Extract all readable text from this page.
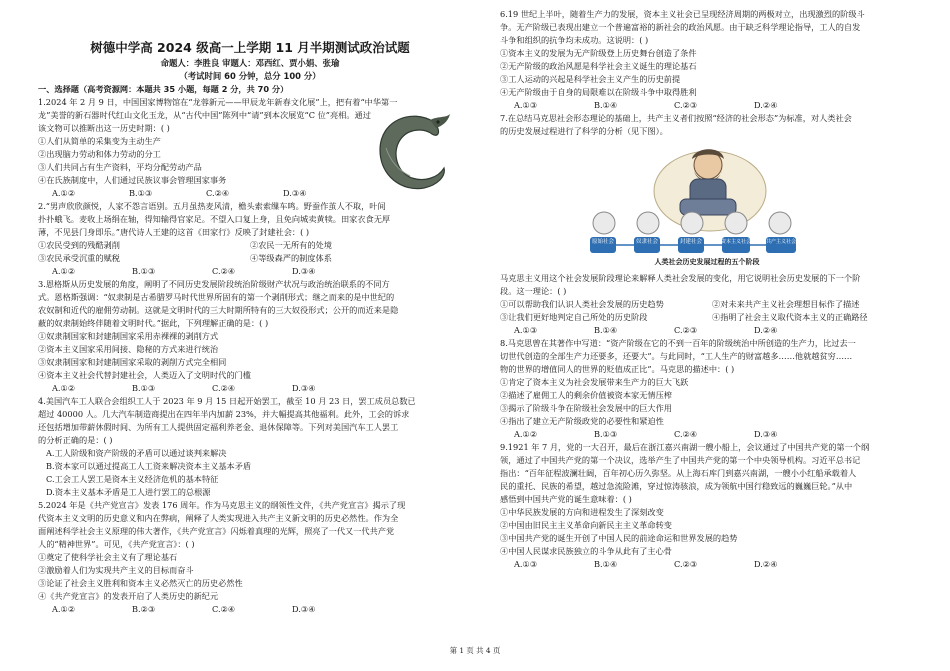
树德中学高 2024 级高一上学期 11 月半期测试政治试题

命题人：李胜良 审题人：邓西红、贾小娟、张瑜

（考试时间 60 分钟，总分 100 分）

一、选择题（高考资源网：本题共 35 小题，每题 2 分，共 70 分）

1.2024 年 2 月 9 日，中国国家博物馆在“龙蓉新元——甲辰龙年新春文化展”上，把有着“中华第一

龙”美誉的新石器时代红山文化玉龙，从“古代中国”陈列中“请”到本次展览“C 位”亮相。通过

该文物可以推断出这一历史时期：( )

①人们从简单的采集变为主动生产

②出现脑力劳动和体力劳动的分工

③人们共同占有生产资料，平均分配劳动产品

④在氏族制度中，人们通过民族议事会管理国家事务

A.①②	B.①③	C.②④	D.③④

2.“男声欣欣颜悦，人家不怨言语别。五月虽热麦风清，檐头索索缫车鸣。野蚕作茧人不取，叶间

扑扑蛾飞。麦收上场绢在轴，得知输得官家足。不望入口复上身，且免向城卖黄犊。田家衣食无厚

薄，不见县门身即乐。”唐代诗人王建的这首《田家行》反映了封建社会：( )

①农民受到的残酷剥削	②农民一无所有的处境
③农民承受沉重的赋税	④等级森严的制度体系
A.①②	B.①③	C.②④	D.③④

3.恩格斯从历史发展的角度，阐明了不同历史发展阶段统治阶级财产状况与政治统治联系的不同方

式。恩格斯强调：“奴隶制是古希腊罗马时代世界所固有的第一个剥削形式；继之而来的是中世纪的

农奴制和近代的雇佣劳动制。这就是文明时代的三大时期所特有的三大奴役形式；公开的而近来是隐

蔽的奴隶制始终伴随着文明时代。”据此，下列理解正确的是：( )

①奴隶制国家和封建制国家采用赤裸裸的剥削方式

②资本主义国家采用间接、隐秘的方式来进行统治

③奴隶制国家和封建制国家采取的剥削方式完全相同

④资本主义社会代替封建社会，人类迈入了文明时代的门槛

A.①②	B.①③	C.②④	D.③④

4.美国汽车工人联合会组织工人于 2023 年 9 月 15 日起开始罢工，截至 10 月 23 日，罢工成员总数已

超过 40000 人。几大汽车制造商提出在四年半内加薪 23%，并大幅提高其他福利。此外，工会的诉求

还包括增加带薪休假时间、为所有工人提供固定福利养老金、退休保障等。下列对美国汽车工人罢工

的分析正确的是：( )

A.工人阶级和资产阶级的矛盾可以通过谈判来解决

B.资本家可以通过提高工人工资来解决资本主义基本矛盾

C.工会工人罢工是资本主义经济危机的基本特征

D.资本主义基本矛盾是工人进行罢工的总根源

5.2024 年是《共产党宣言》发表 176 周年。作为马克思主义的纲领性文件，《共产党宣言》揭示了现

代资本主义文明的历史意义和内在弊病，阐释了人类实现进入共产主义新文明的历史必然性。作为全

面阐述科学社会主义原理的伟大著作，《共产党宣言》闪烁着真理的光辉，照亮了一代又一代共产党

人的“精神世界”。可见，《共产党宣言》：( )

①奠定了使科学社会主义有了理论基石

②激励着人们为实现共产主义的目标而奋斗

③论证了社会主义胜利和资本主义必然灭亡的历史必然性

④《共产党宣言》的发表开启了人类历史的新纪元

A.①②	B.②③	C.②④	D.③④

6.19 世纪上半叶，随着生产力的发展，资本主义社会已呈现经济周期的两极对立，出现激烈的阶级斗

争。无产阶级已表现出建立一个普遍富裕的新社会的政治风愿。由于缺乏科学理论指导，工人的自发

斗争和组织的抗争均未成功。这说明：( )

①资本主义的发展为无产阶级登上历史舞台创造了条件

②无产阶级的政治风愿是科学社会主义诞生的理论基石

③工人运动的兴起是科学社会主义产生的历史前提

④无产阶级由于自身的局限难以在阶级斗争中取得胜利

A.①③	B.①④	C.②③	D.②④

7.在总结马克思社会形态理论的基础上，共产主义者们按照“经济的社会形态”为标准，对人类社会

的历史发展过程进行了科学的分析（见下图）。

原始社会	奴隶社会	封建社会	资本主义社会	共产主义社会
人类社会历史发展过程的五个阶段

马克思主义用这个社会发展阶段理论来解释人类社会发展的变化，用它说明社会历史发展的下一个阶

段。这一理论：( )

①可以帮助我们认识人类社会发展的历史趋势	②对未来共产主义社会理想目标作了描述
③让我们更好地判定自己所处的历史阶段	④指明了社会主义取代资本主义的正确路径
A.①③	B.①④	C.②③	D.②④

8.马克思曾在其著作中写道：“资产阶级在它的不到一百年的阶级统治中所创造的生产力，比过去一

切世代创造的全部生产力还要多，还要大”。与此同时，“工人生产的财富越多……他就越贫穷……

物的世界的增值同人的世界的贬值成正比”。马克思的描述中：( )

①肯定了资本主义为社会发展带来生产力的巨大飞跃

②描述了雇佣工人的剩余价值被资本家无情压榨

③揭示了阶级斗争在阶级社会发展中的巨大作用

④指出了建立无产阶级政党的必要性和紧迫性

A.①②	B.①③	C.②④	D.③④

9.1921 年 7 月，党的一大召开，最后在浙江嘉兴南湖一艘小船上，会议通过了中国共产党的第一个纲

领，通过了中国共产党的第一个决议，选举产生了中国共产党的第一个中央领导机构。习近平总书记

指出：“百年征程波澜壮阔，百年初心历久弥坚。从上海石库门到嘉兴南湖，一艘小小红船承载着人

民的重托、民族的希望，越过急流险滩，穿过惊涛骇浪，成为领航中国行稳致远的巍巍巨轮。”从中

感悟到中国共产党的诞生意味着：( )

①中华民族发展的方向和进程发生了深刻改变

②中国由旧民主主义革命向新民主主义革命转变

③中国共产党的诞生开创了中国人民的前途命运和世界发展的趋势

④中国人民谋求民族独立的斗争从此有了主心骨

A.①③	B.①④	C.②③	D.②④
第 1 页 共 4 页
